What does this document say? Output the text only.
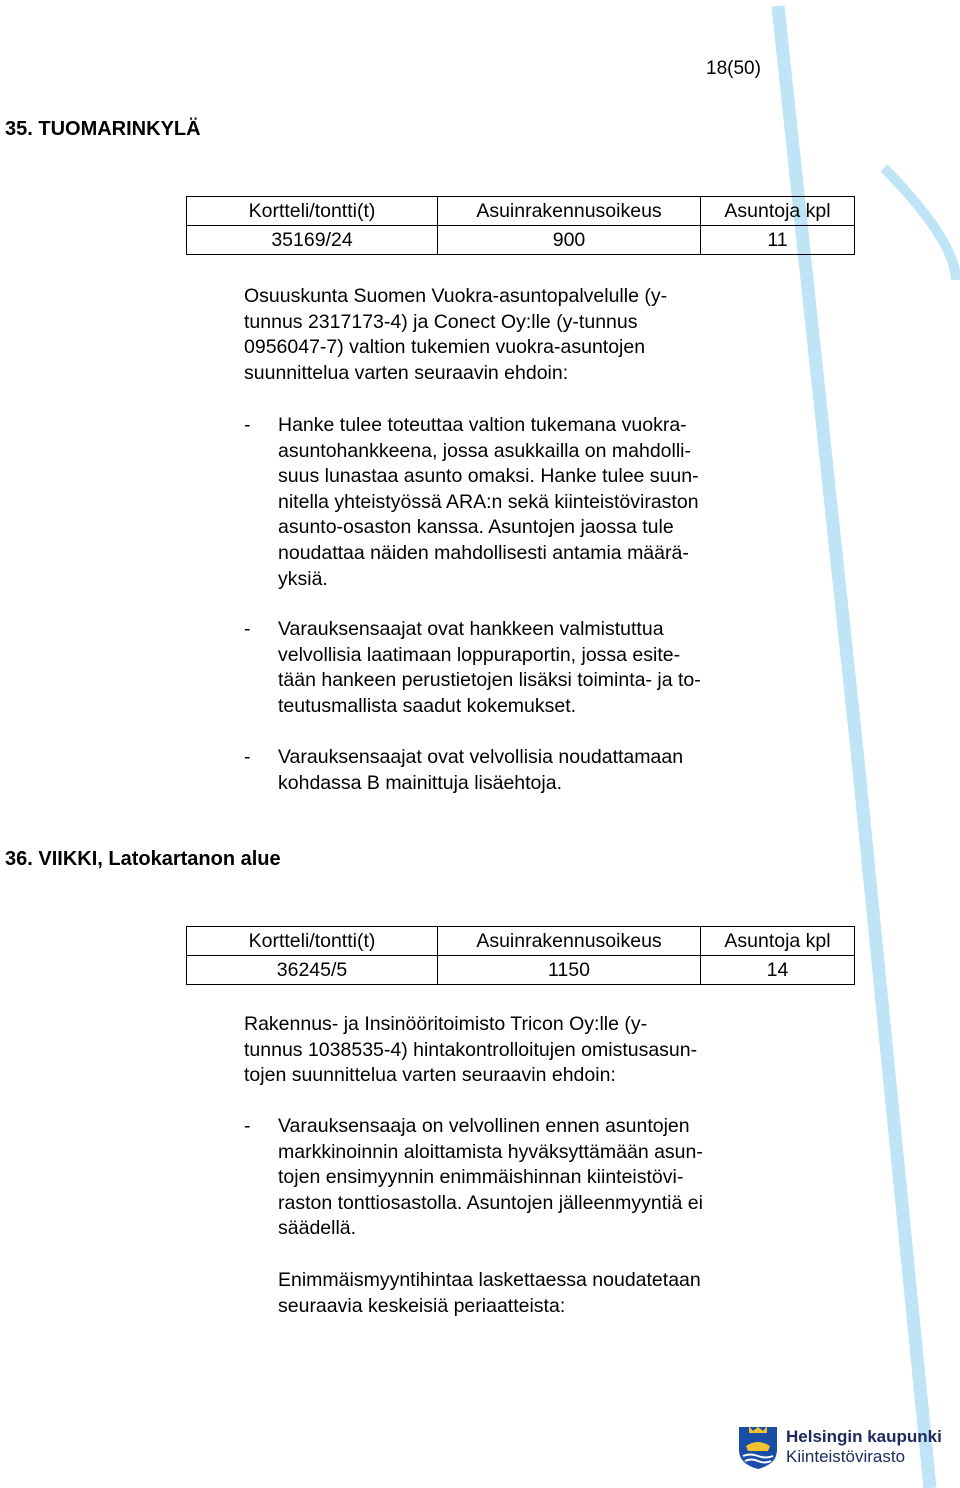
18(50)
35. TUOMARINKYLÄ
Kortteli/tontti(t)	Asuinrakennusoikeus	Asuntoja kpl
35169/24	900	11

Osuuskunta Suomen Vuokra-asuntopalvelulle (y-
tunnus 2317173-4) ja Conect Oy:lle (y-tunnus
0956047-7) valtion tukemien vuokra-asuntojen
suunnittelua varten seuraavin ehdoin:

- Hanke tulee toteuttaa valtion tukemana vuokra-
asuntohankkeena, jossa asukkailla on mahdolli-
suus lunastaa asunto omaksi. Hanke tulee suun-
nitella yhteistyössä ARA:n sekä kiinteistöviraston
asunto-osaston kanssa. Asuntojen jaossa tule
noudattaa näiden mahdollisesti antamia määrä-
yksiä.
- Varauksensaajat ovat hankkeen valmistuttua
velvollisia laatimaan loppuraportin, jossa esite-
tään hankeen perustietojen lisäksi toiminta- ja to-
teutusmallista saadut kokemukset.
- Varauksensaajat ovat velvollisia noudattamaan
kohdassa B mainittuja lisäehtoja.
36. VIIKKI, Latokartanon alue
Kortteli/tontti(t)	Asuinrakennusoikeus	Asuntoja kpl
36245/5	1150	14

Rakennus- ja Insinööritoimisto Tricon Oy:lle (y-
tunnus 1038535-4) hintakontrolloitujen omistusasun-
tojen suunnittelua varten seuraavin ehdoin:

- Varauksensaaja on velvollinen ennen asuntojen
markkinoinnin aloittamista hyväksyttämään asun-
tojen ensimyynnin enimmäishinnan kiinteistövi-
raston tonttiosastolla. Asuntojen jälleenmyyntiä ei
säädellä.

Enimmäismyyntihintaa laskettaessa noudatetaan
seuraavia keskeisiä periaatteista:

Helsingin kaupunki
Kiinteistövirasto
